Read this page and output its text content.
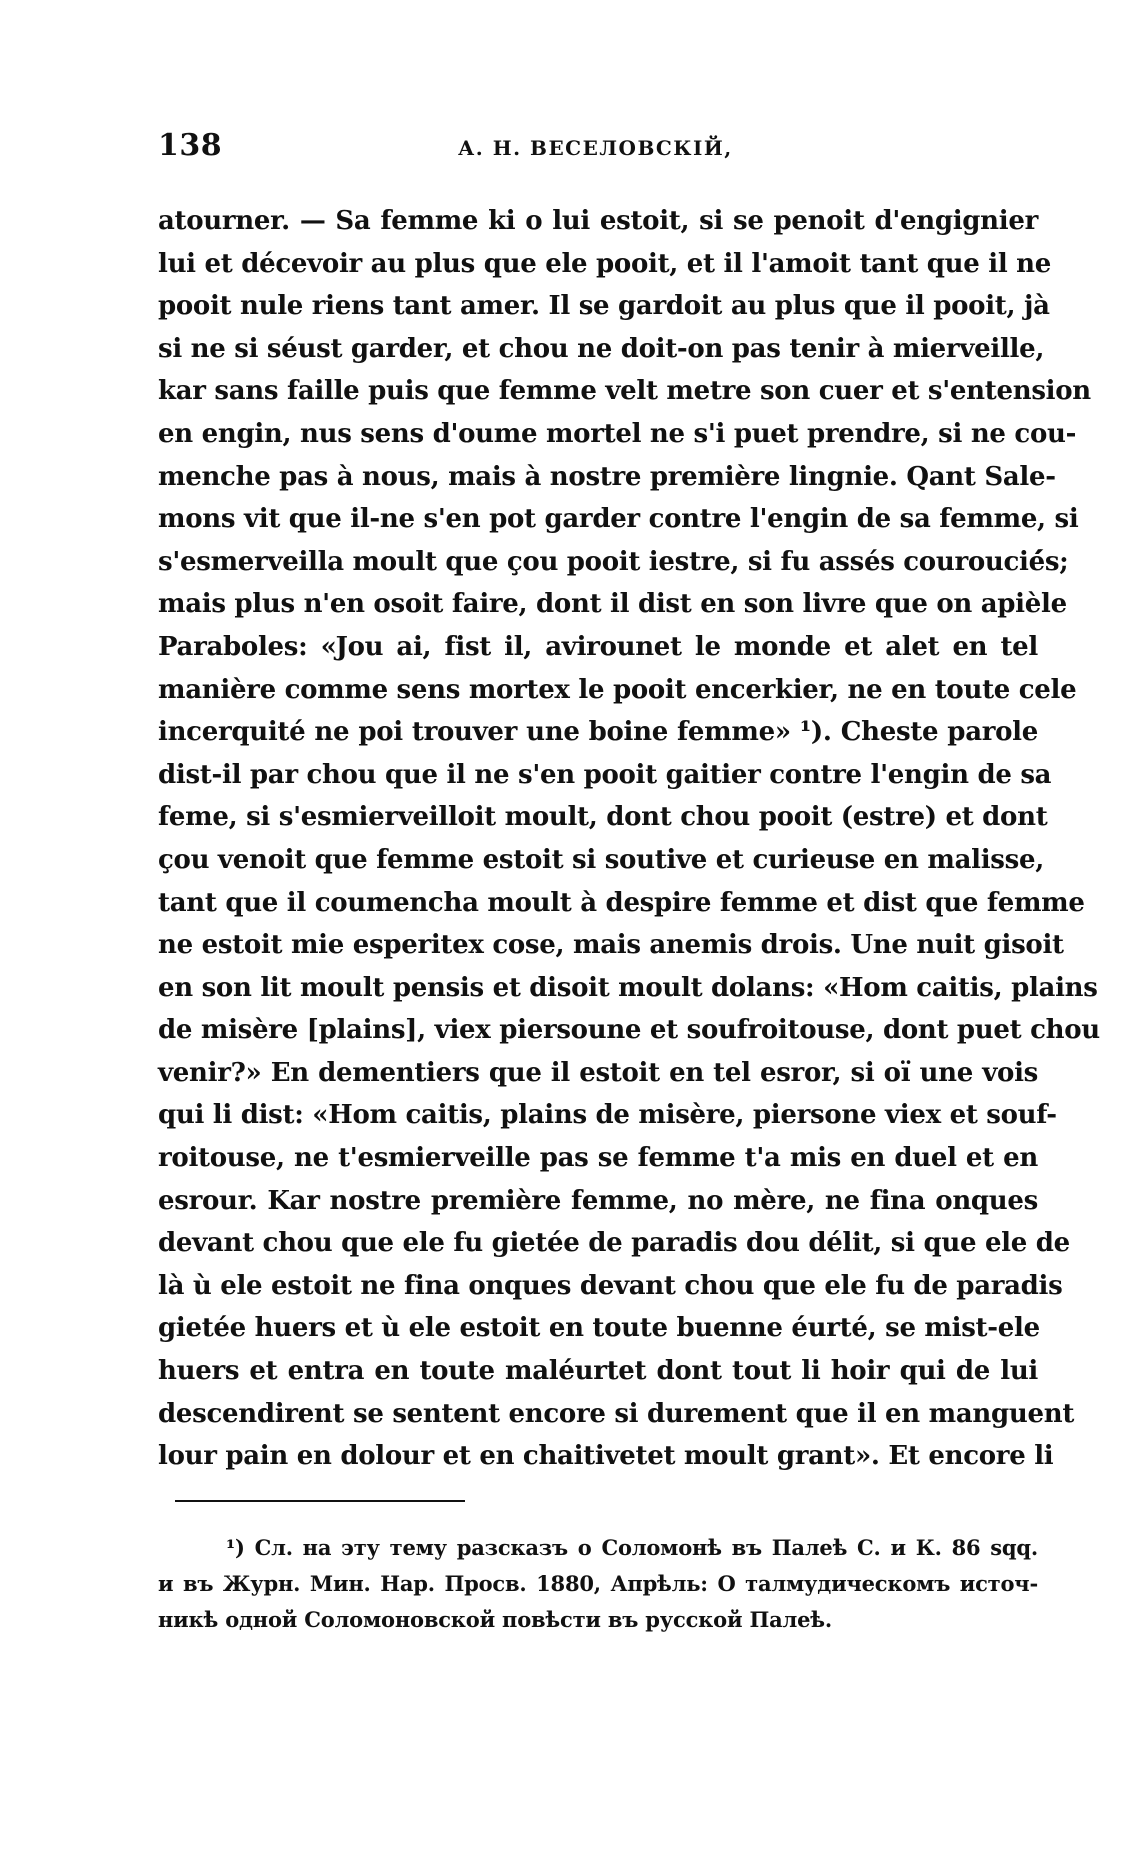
138	А. Н. ВЕСЕЛОВСКІЙ,
atourner. — Sa femme ki o lui estoit, si se penoit d'engignier
lui et décevoir au plus que ele pooit, et il l'amoit tant que il ne
pooit nule riens tant amer. Il se gardoit au plus que il pooit, jà
si ne si séust garder, et chou ne doit-on pas tenir à mierveille,
kar sans faille puis que femme velt metre son cuer et s'entension
en engin, nus sens d'oume mortel ne s'i puet prendre, si ne cou-
menche pas à nous, mais à nostre première lingnie. Qant Sale-
mons vit que il-ne s'en pot garder contre l'engin de sa femme, si
s'esmerveilla moult que çou pooit iestre, si fu assés couroucié́s;
mais plus n'en osoit faire, dont il dist en son livre que on apièle
Paraboles: «Jou ai, fist il, avirounet le monde et alet en tel
manière comme sens mortex le pooit encerkier, ne en toute cele
incerquité ne poi trouver une boine femme» ¹). Cheste parole
dist-il par chou que il ne s'en pooit gaitier contre l'engin de sa
feme, si s'esmierveilloit moult, dont chou pooit (estre) et dont
çou venoit que femme estoit si soutive et curieuse en malisse,
tant que il coumencha moult à despire femme et dist que femme
ne estoit mie esperitex cose, mais anemis drois. Une nuit gisoit
en son lit moult pensis et disoit moult dolans: «Hom caitis, plains
de misère [plains], viex piersoune et soufroitouse, dont puet chou
venir?» En dementiers que il estoit en tel esror, si oï une vois
qui li dist: «Hom caitis, plains de misère, piersone viex et souf-
roitouse, ne t'esmierveille pas se femme t'a mis en duel et en
esrour. Kar nostre première femme, no mère, ne fina onques
devant chou que ele fu gietée de paradis dou délit, si que ele de
là ù ele estoit ne fina onques devant chou que ele fu de paradis
gietée huers et ù ele estoit en toute buenne éurté, se mist-ele
huers et entra en toute maléurtet dont tout li hoir qui de lui
descendirent se sentent encore si durement que il en manguent
lour pain en dolour et en chaitivetet moult grant». Et encore li
¹) Сл. на эту тему разсказъ о Соломонѣ въ Палеѣ С. и К. 86 sqq.
и въ Журн. Мин. Нар. Просв. 1880, Апрѣль: О талмудическомъ источ-
никѣ одной Соломоновской повѣсти въ русской Палеѣ.
